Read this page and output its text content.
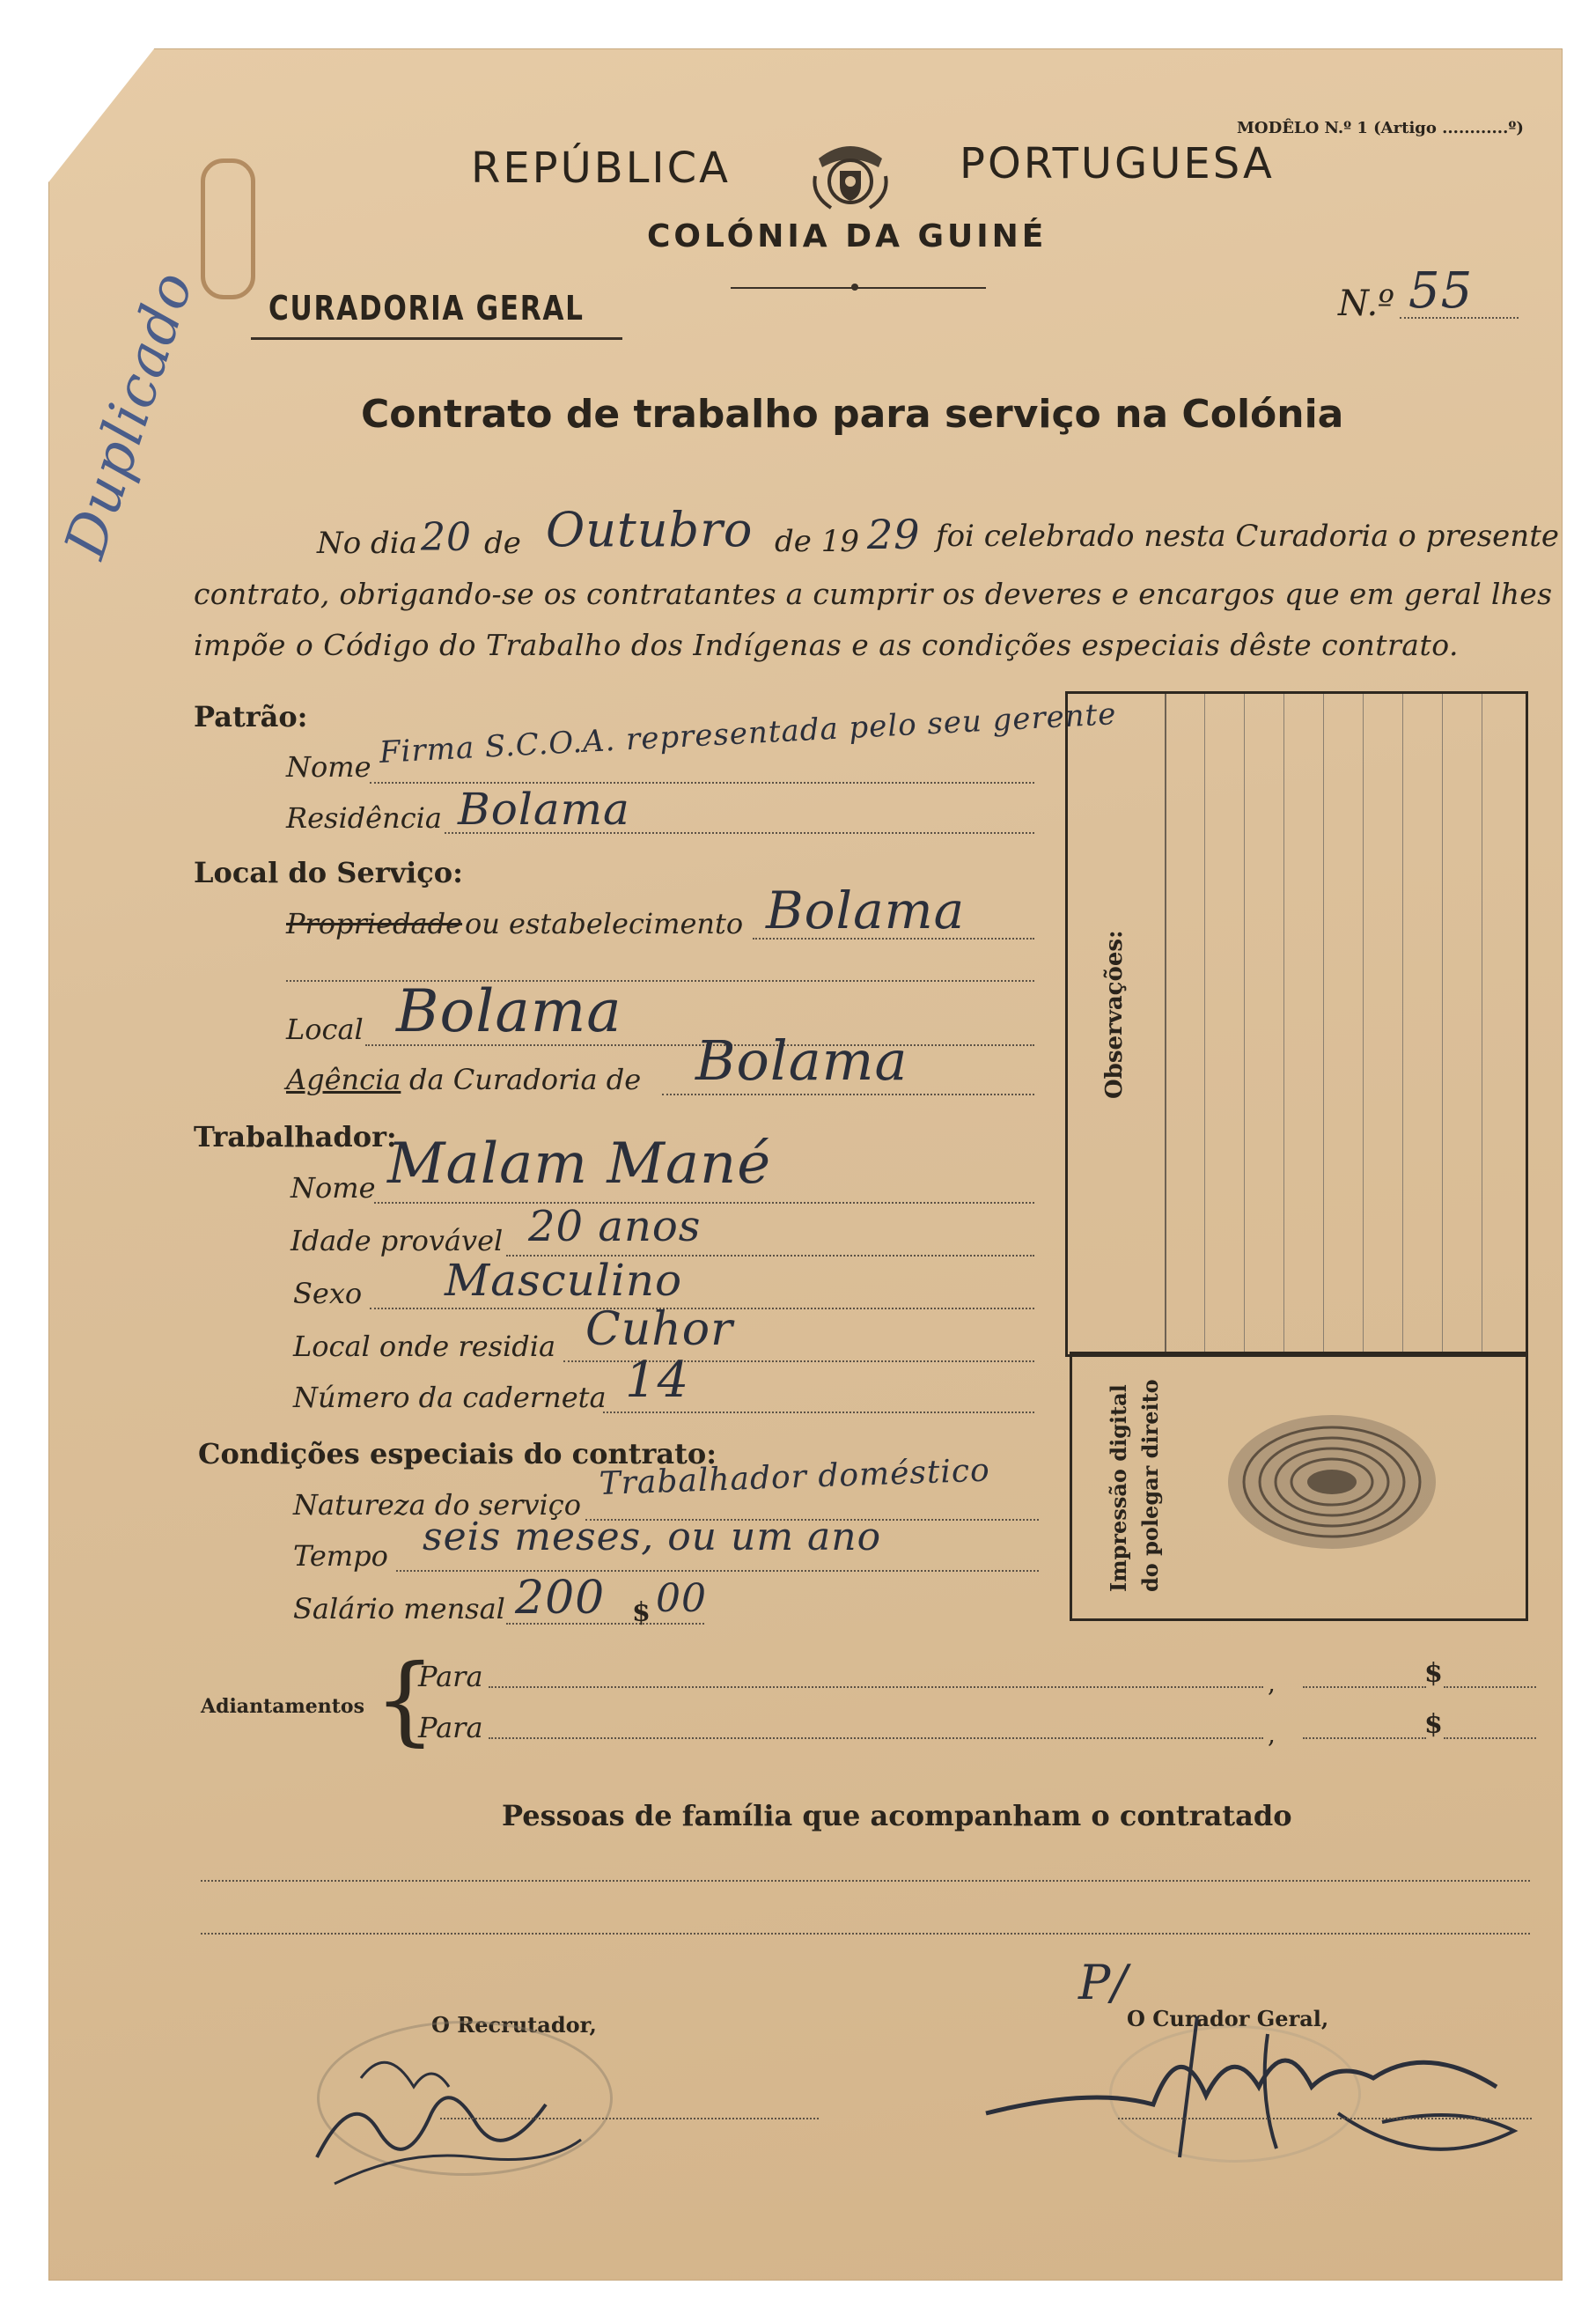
Duplicado
MODÊLO N.º 1 (Artigo ............º)
REPÚBLICA	PORTUGUESA
COLÓNIA DA GUINÉ
CURADORIA GERAL	N.º 55
Contrato de trabalho para serviço na Colónia
No dia 20 de Outubro de 19 29 foi celebrado nesta Curadoria o presente
contrato, obrigando-se os contratantes a cumprir os deveres e encargos que em geral lhes
impõe o Código do Trabalho dos Indígenas e as condições especiais dêste contrato.
Patrão:
Nome Firma S.C.O.A. representada pelo seu gerente
Residência Bolama
Local do Serviço:
Propriedade ou estabelecimento Bolama
Local Bolama
Agência da Curadoria de Bolama
Trabalhador:
Nome Malam Mané
Idade provável 20 anos
Sexo Masculino
Local onde residia Cuhor
Número da caderneta 14
Condições especiais do contrato:
Natureza do serviço
Trabalhador doméstico
Tempo seis meses, ou um ano
Salário mensal 200 $ 00
Observações:
Impressão digital do polegar direito
Adiantamentos {
Para	,	$
Para	,	$
Pessoas de família que acompanham o contratado
O Recrutador,
P/
O Curador Geral,
